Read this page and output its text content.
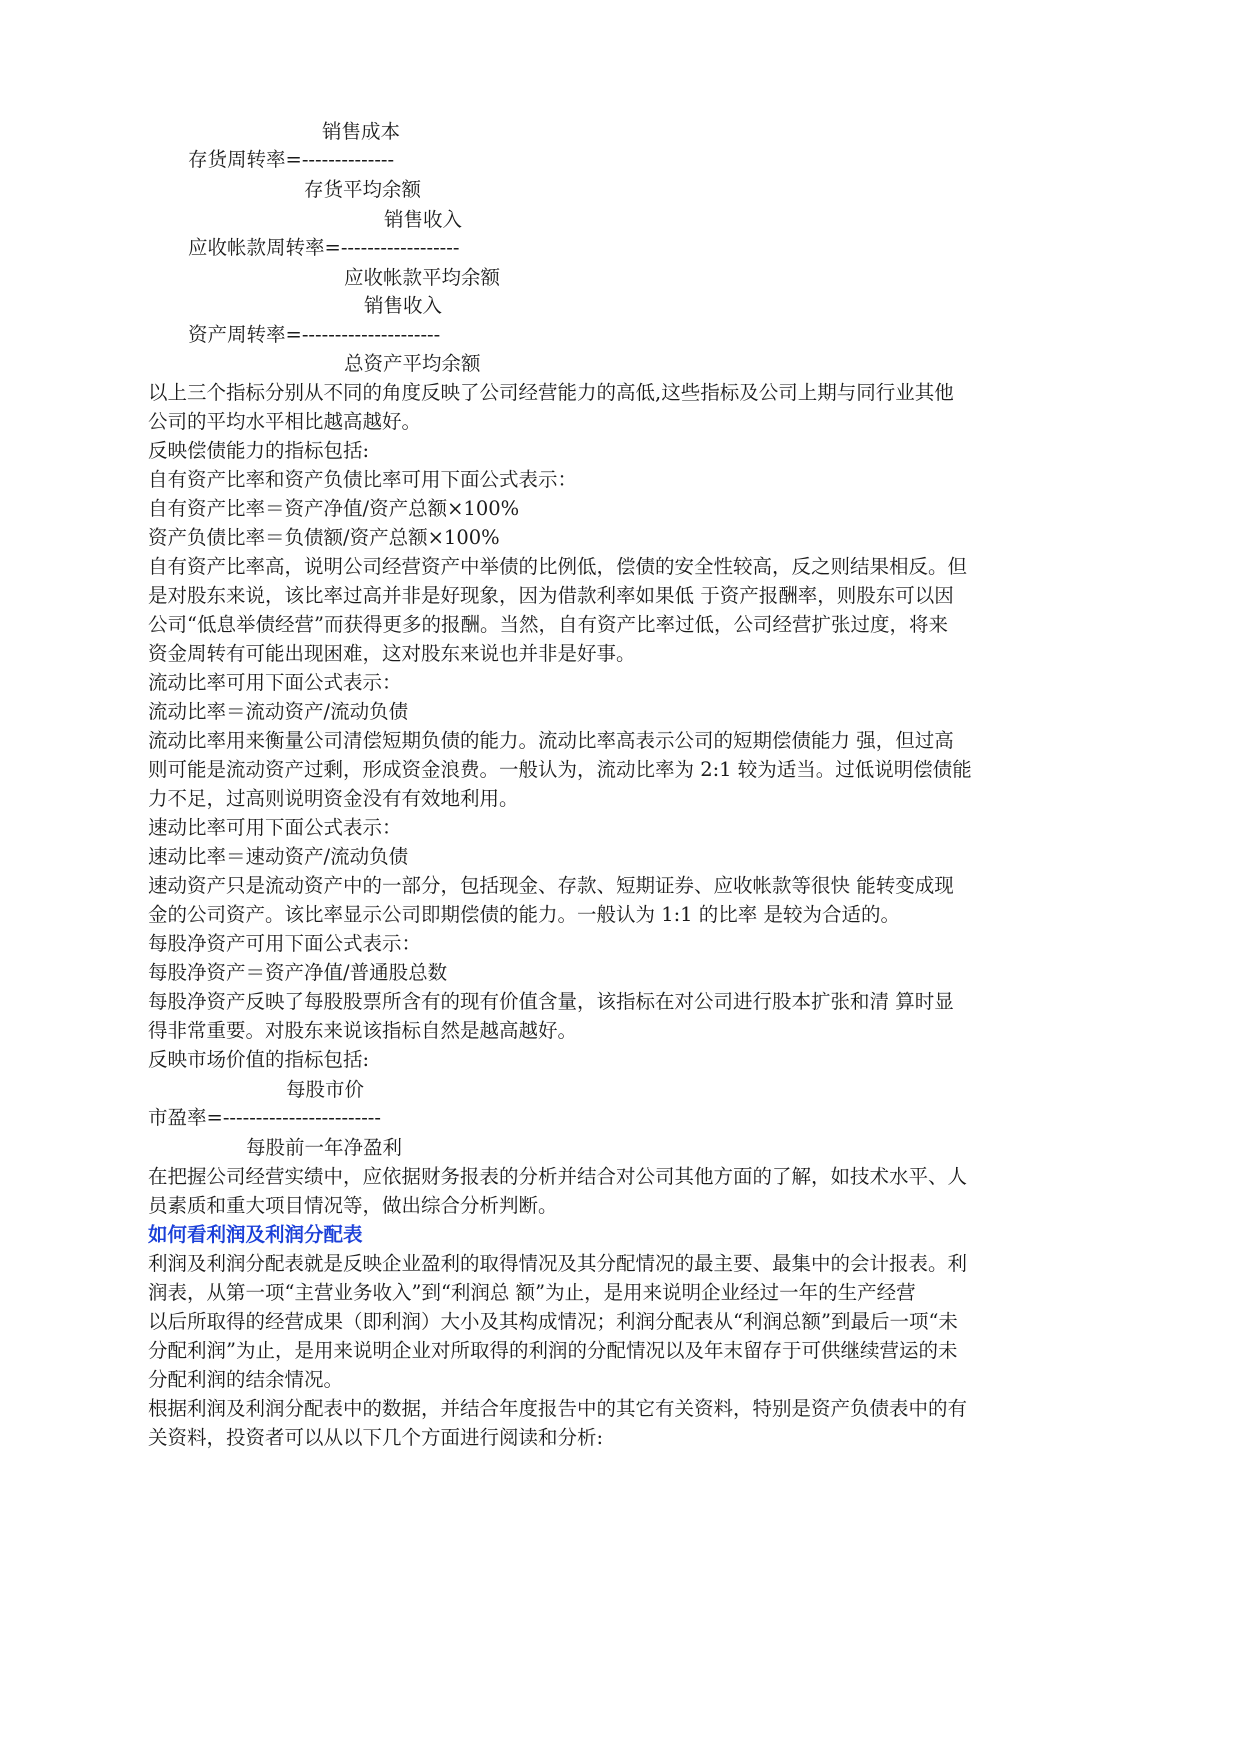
销售成本
存货周转率=--------------
存货平均余额
销售收入
应收帐款周转率=------------------
应收帐款平均余额
销售收入
资产周转率=---------------------
总资产平均余额
以上三个指标分别从不同的角度反映了公司经营能力的高低,这些指标及公司上期与同行业其他
公司的平均水平相比越高越好。
反映偿债能力的指标包括:
自有资产比率和资产负债比率可用下面公式表示：
自有资产比率＝资产净值/资产总额×100%
资产负债比率＝负债额/资产总额×100%
自有资产比率高，说明公司经营资产中举债的比例低，偿债的安全性较高，反之则结果相反。但
是对股东来说，该比率过高并非是好现象，因为借款利率如果低 于资产报酬率，则股东可以因
公司“低息举债经营”而获得更多的报酬。当然，自有资产比率过低，公司经营扩张过度，将来
资金周转有可能出现困难，这对股东来说也并非是好事。
流动比率可用下面公式表示：
流动比率＝流动资产/流动负债
流动比率用来衡量公司清偿短期负债的能力。流动比率高表示公司的短期偿债能力 强，但过高
则可能是流动资产过剩，形成资金浪费。一般认为，流动比率为 2:1 较为适当。过低说明偿债能
力不足，过高则说明资金没有有效地利用。
速动比率可用下面公式表示：
速动比率＝速动资产/流动负债
速动资产只是流动资产中的一部分，包括现金、存款、短期证券、应收帐款等很快 能转变成现
金的公司资产。该比率显示公司即期偿债的能力。一般认为 1:1 的比率 是较为合适的。
每股净资产可用下面公式表示：
每股净资产＝资产净值/普通股总数
每股净资产反映了每股股票所含有的现有价值含量，该指标在对公司进行股本扩张和清 算时显
得非常重要。对股东来说该指标自然是越高越好。
反映市场价值的指标包括:
每股市价
市盈率=------------------------
每股前一年净盈利
在把握公司经营实绩中，应依据财务报表的分析并结合对公司其他方面的了解，如技术水平、人
员素质和重大项目情况等，做出综合分析判断。
如何看利润及利润分配表
利润及利润分配表就是反映企业盈利的取得情况及其分配情况的最主要、最集中的会计报表。利
润表，从第一项“主营业务收入”到“利润总 额”为止，是用来说明企业经过一年的生产经营
以后所取得的经营成果（即利润）大小及其构成情况；利润分配表从“利润总额”到最后一项“未
分配利润”为止，是用来说明企业对所取得的利润的分配情况以及年末留存于可供继续营运的未
分配利润的结余情况。
根据利润及利润分配表中的数据，并结合年度报告中的其它有关资料，特别是资产负债表中的有
关资料，投资者可以从以下几个方面进行阅读和分析:
